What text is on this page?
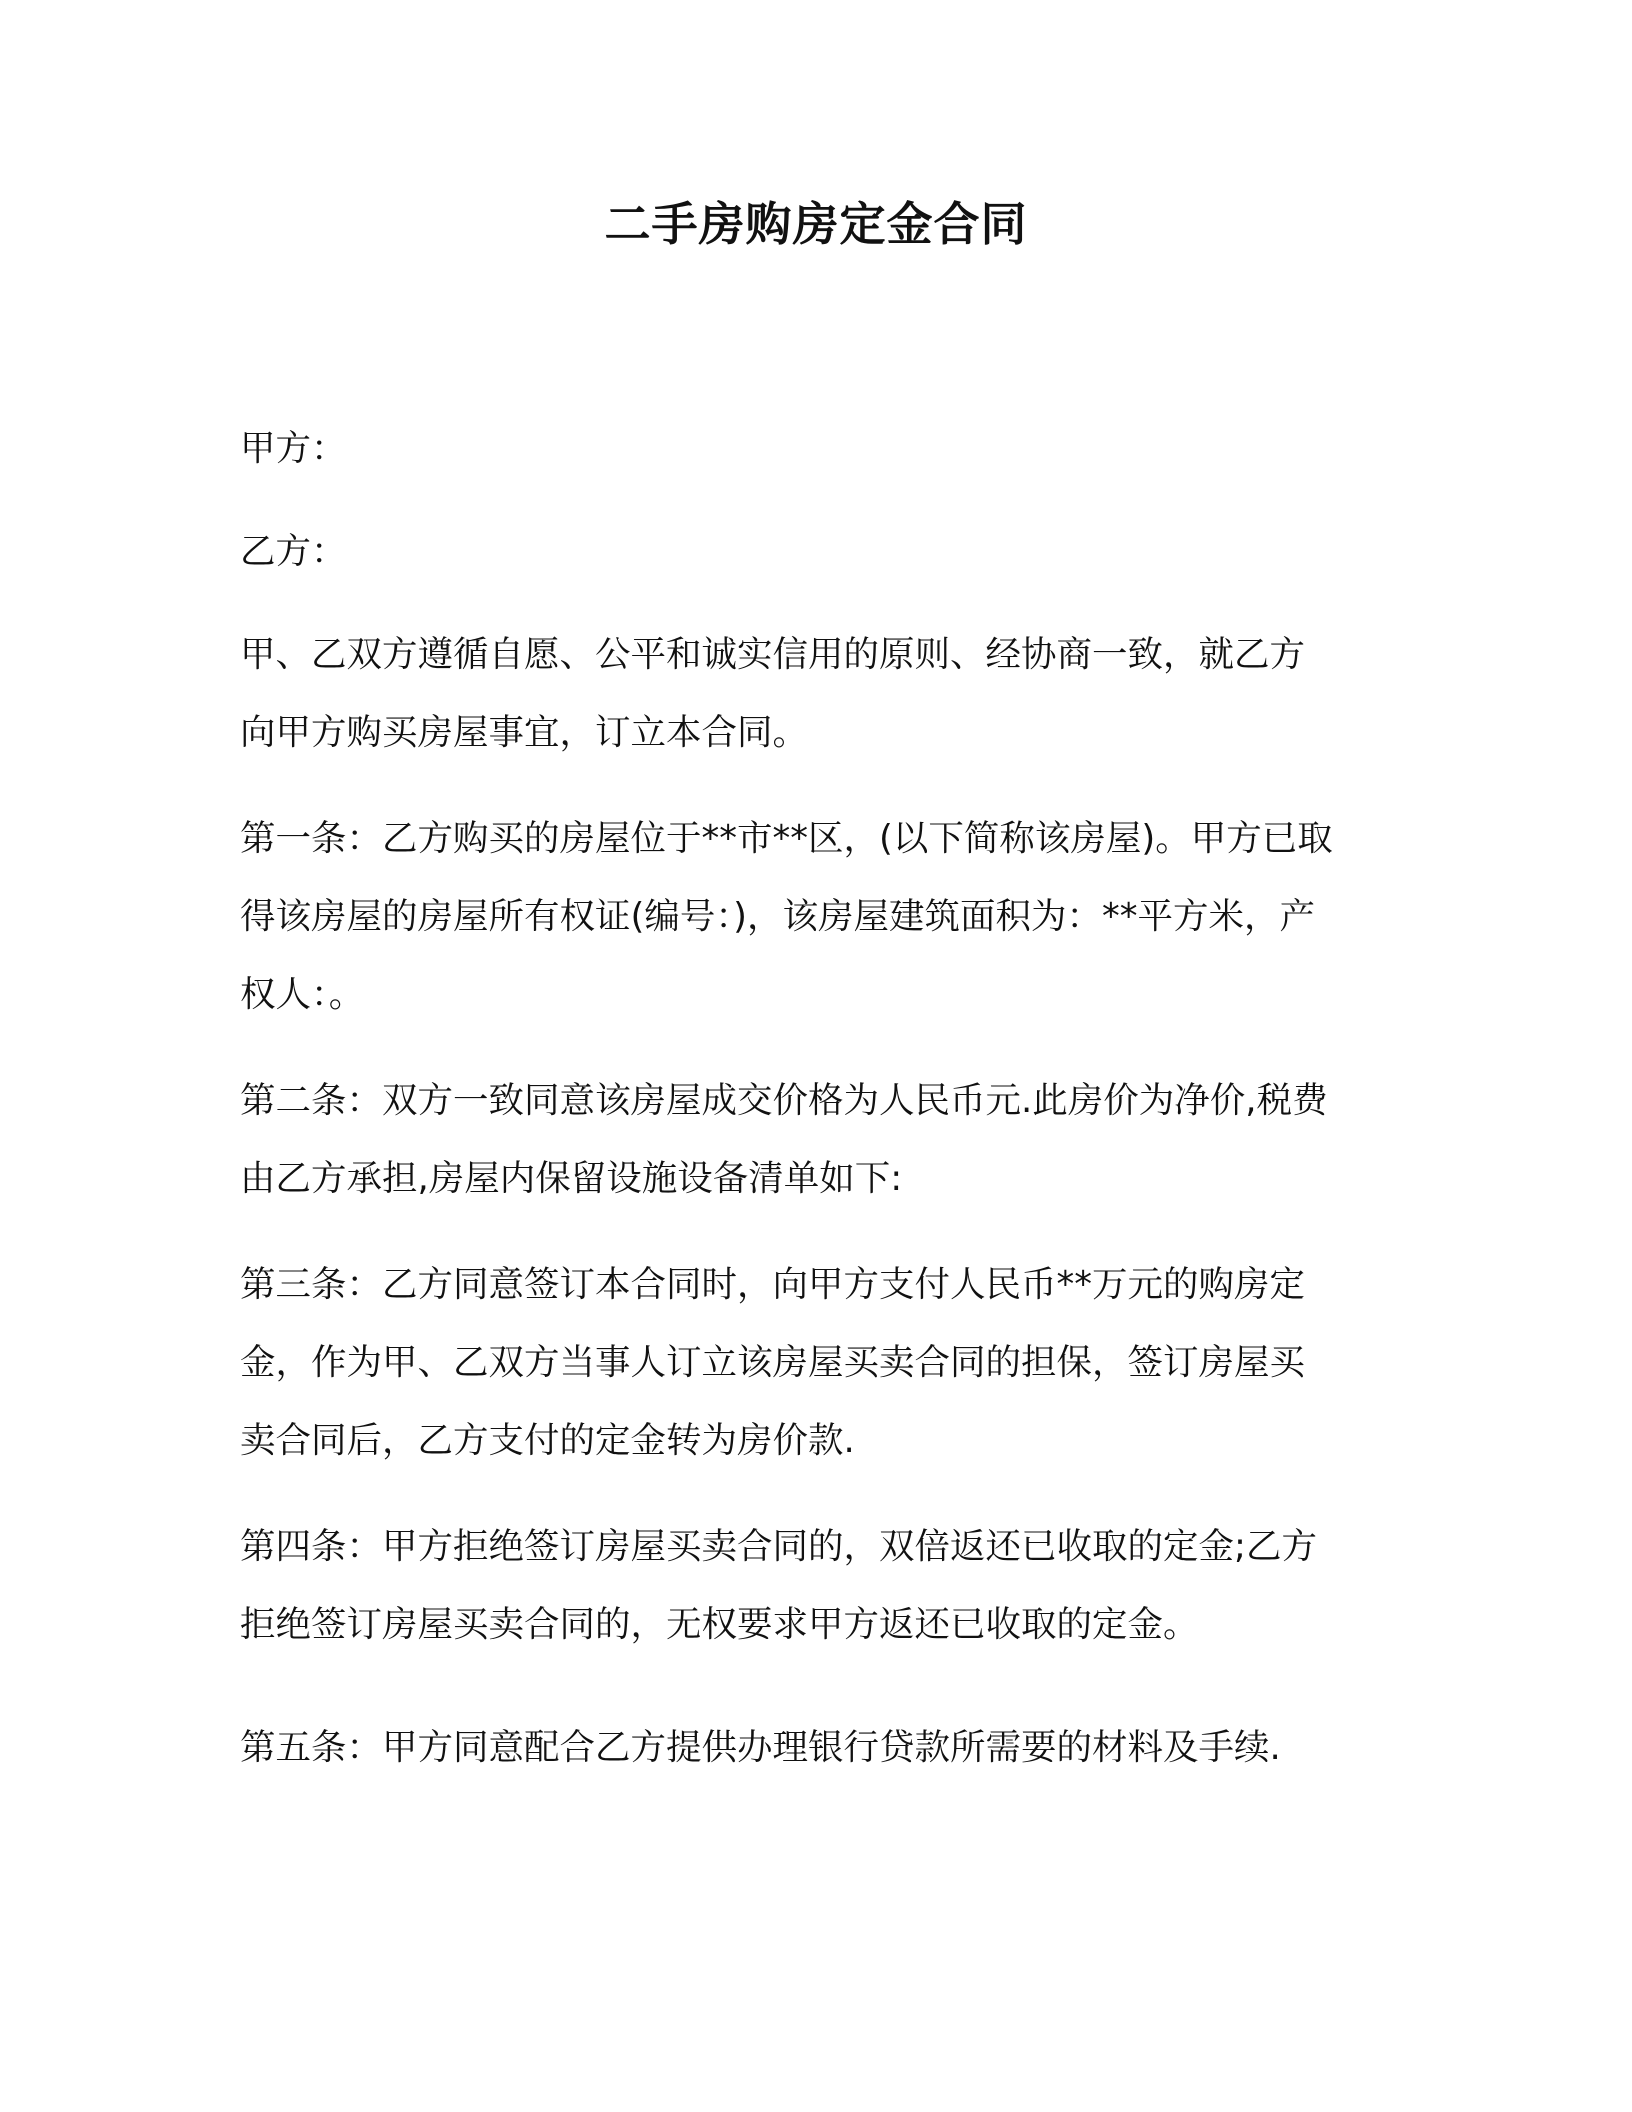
二手房购房定金合同

甲方：

乙方：

甲、乙双方遵循自愿、公平和诚实信用的原则、经协商一致，就乙方
向甲方购买房屋事宜，订立本合同。

第一条：乙方购买的房屋位于**市**区，(以下简称该房屋)。甲方已取
得该房屋的房屋所有权证(编号：)，该房屋建筑面积为：**平方米，产
权人：。

第二条：双方一致同意该房屋成交价格为人民币元.此房价为净价,税费
由乙方承担,房屋内保留设施设备清单如下:

第三条：乙方同意签订本合同时，向甲方支付人民币**万元的购房定
金，作为甲、乙双方当事人订立该房屋买卖合同的担保，签订房屋买
卖合同后，乙方支付的定金转为房价款.

第四条：甲方拒绝签订房屋买卖合同的，双倍返还已收取的定金;乙方
拒绝签订房屋买卖合同的，无权要求甲方返还已收取的定金。

第五条：甲方同意配合乙方提供办理银行贷款所需要的材料及手续.
